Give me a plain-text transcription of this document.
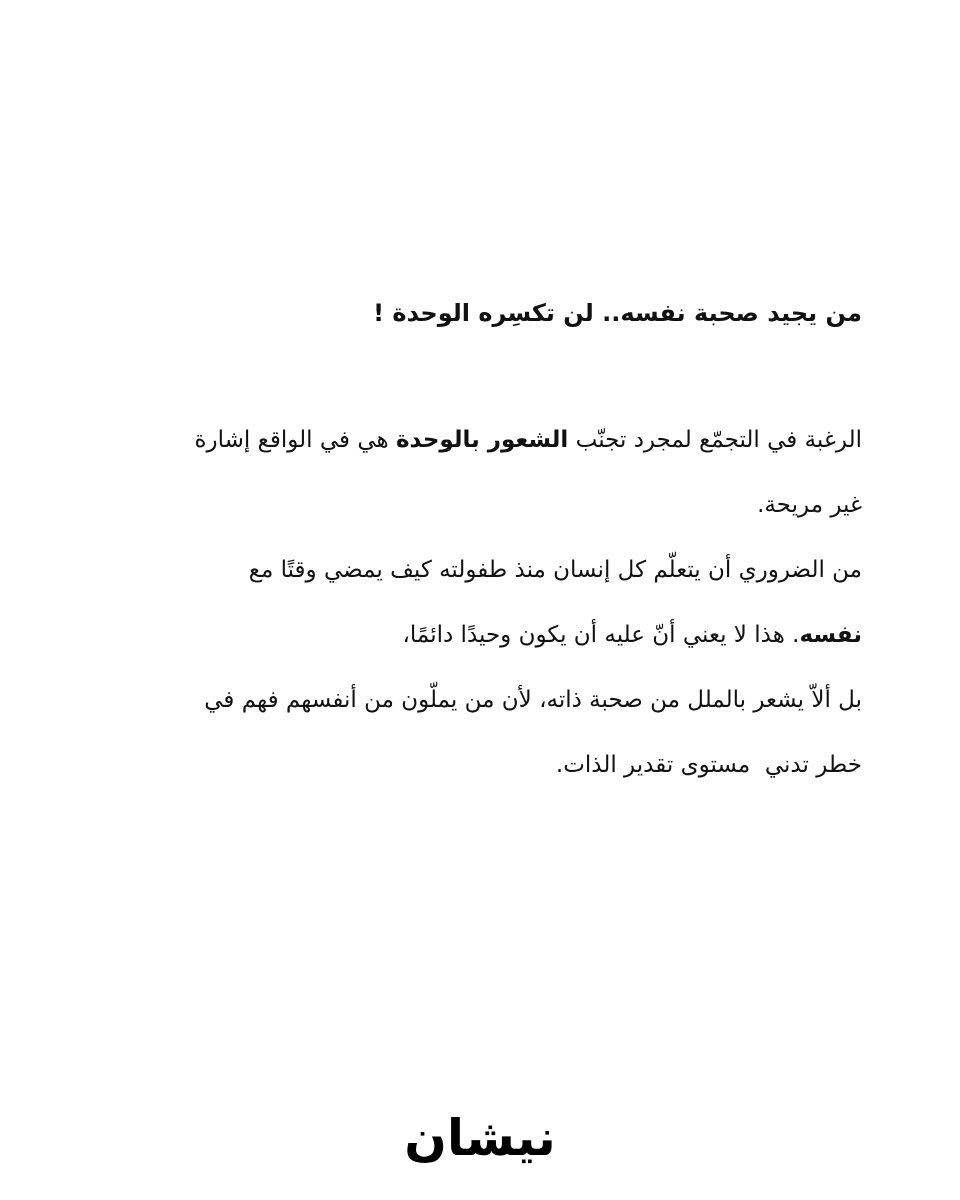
من يجيد صحبة نفسه.. لن تكسِره الوحدة !

الرغبة في التجمّع لمجرد تجنّب الشعور بالوحدة هي في الواقع إشارة

غير مريحة.

من الضروري أن يتعلّم كل إنسان منذ طفولته كيف يمضي وقتًا مع

نفسه. هذا لا يعني أنّ عليه أن يكون وحيدًا دائمًا،

بل ألاّ يشعر بالملل من صحبة ذاته، لأن من يملّون من أنفسهم فهم في

خطر تدني  مستوى تقدير الذات.

نيشان
